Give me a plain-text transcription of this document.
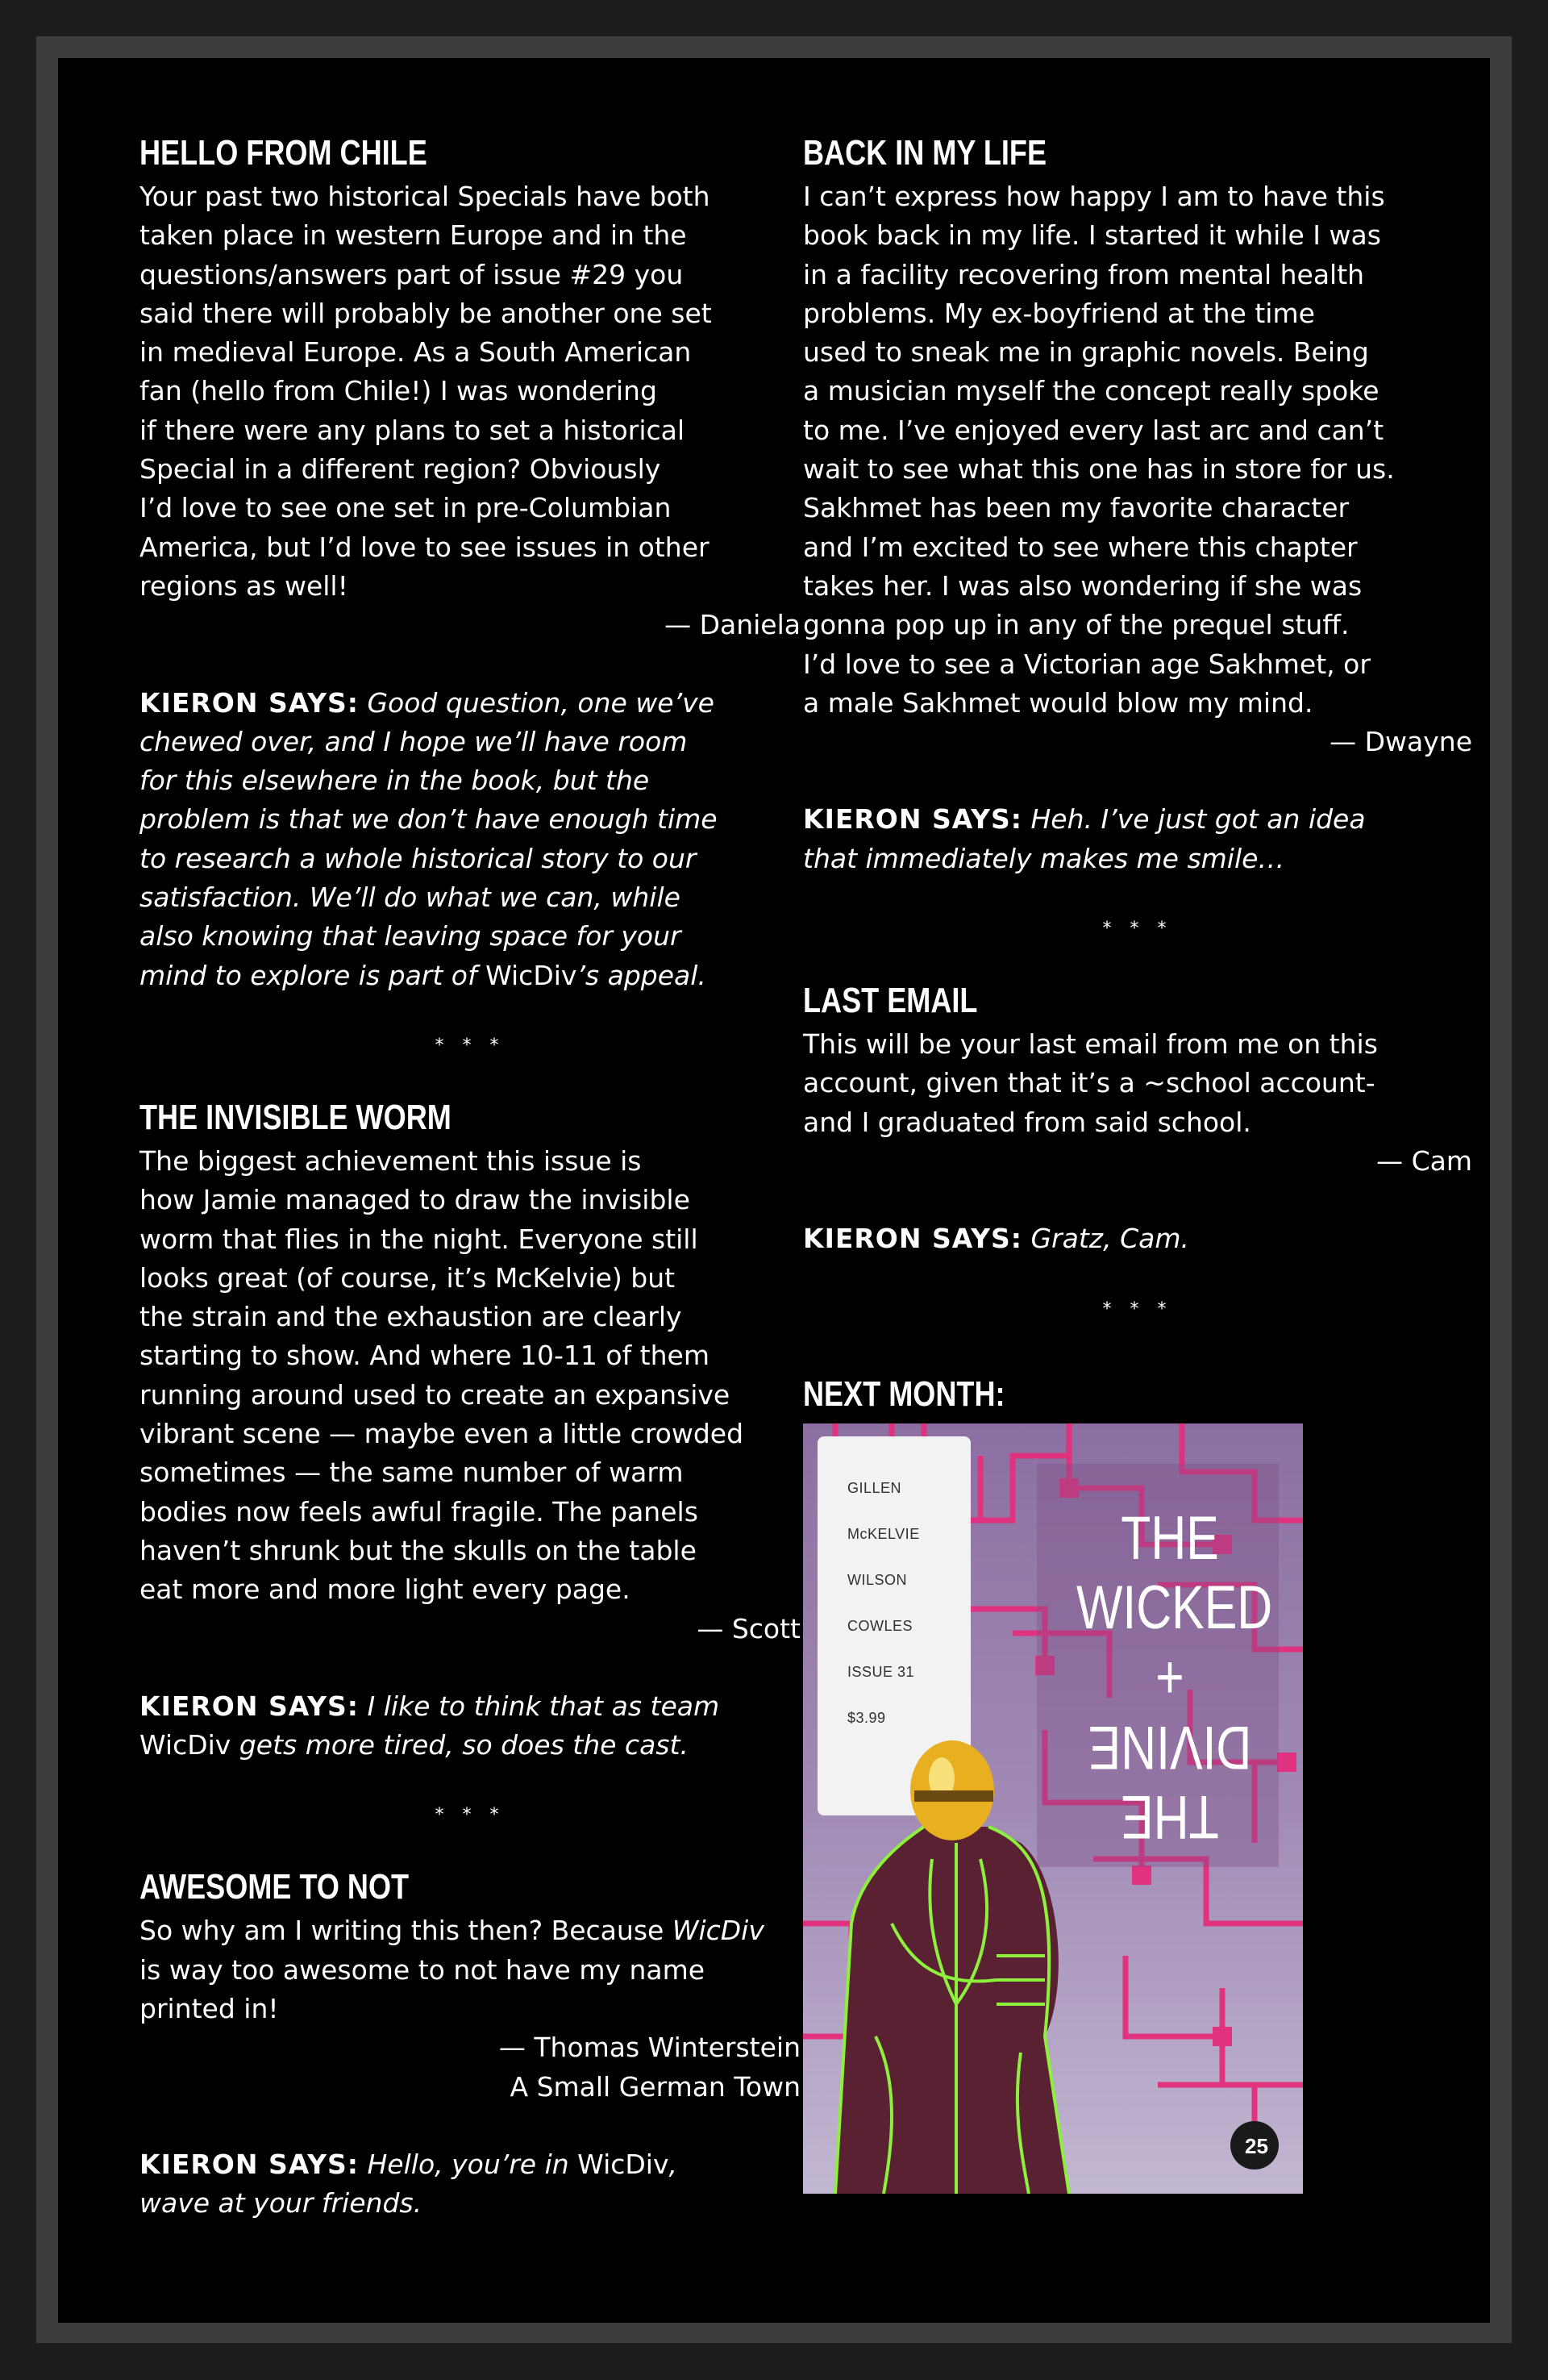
HELLO FROM CHILE
Your past two historical Specials have both
taken place in western Europe and in the
questions/answers part of issue #29 you
said there will probably be another one set
in medieval Europe. As a South American
fan (hello from Chile!) I was wondering
if there were any plans to set a historical
Special in a different region? Obviously
I’d love to see one set in pre-Columbian
America, but I’d love to see issues in other
regions as well!
— Daniela
KIERON SAYS: Good question, one we’ve
chewed over, and I hope we’ll have room
for this elsewhere in the book, but the
problem is that we don’t have enough time
to research a whole historical story to our
satisfaction. We’ll do what we can, while
also knowing that leaving space for your
mind to explore is part of WicDiv’s appeal.
* * *
THE INVISIBLE WORM
The biggest achievement this issue is
how Jamie managed to draw the invisible
worm that flies in the night. Everyone still
looks great (of course, it’s McKelvie) but
the strain and the exhaustion are clearly
starting to show. And where 10-11 of them
running around used to create an expansive
vibrant scene — maybe even a little crowded
sometimes — the same number of warm
bodies now feels awful fragile. The panels
haven’t shrunk but the skulls on the table
eat more and more light every page.
— Scott
KIERON SAYS: I like to think that as team
WicDiv gets more tired, so does the cast.
* * *
AWESOME TO NOT
So why am I writing this then? Because WicDiv
is way too awesome to not have my name
printed in!
— Thomas Winterstein
A Small German Town
KIERON SAYS: Hello, you’re in WicDiv,
wave at your friends.
BACK IN MY LIFE
I can’t express how happy I am to have this
book back in my life. I started it while I was
in a facility recovering from mental health
problems. My ex-boyfriend at the time
used to sneak me in graphic novels. Being
a musician myself the concept really spoke
to me. I’ve enjoyed every last arc and can’t
wait to see what this one has in store for us.
Sakhmet has been my favorite character
and I’m excited to see where this chapter
takes her. I was also wondering if she was
gonna pop up in any of the prequel stuff.
I’d love to see a Victorian age Sakhmet, or
a male Sakhmet would blow my mind.
— Dwayne
KIERON SAYS: Heh. I’ve just got an idea
that immediately makes me smile…
* * *
LAST EMAIL
This will be your last email from me on this
account, given that it’s a ~school account-
and I graduated from said school.
— Cam
KIERON SAYS: Gratz, Cam.
* * *
NEXT MONTH:
25
GILLEN
McKELVIE
WILSON
COWLES
ISSUE 31
$3.99
THE
WICKED
+
THE
DIVINE
